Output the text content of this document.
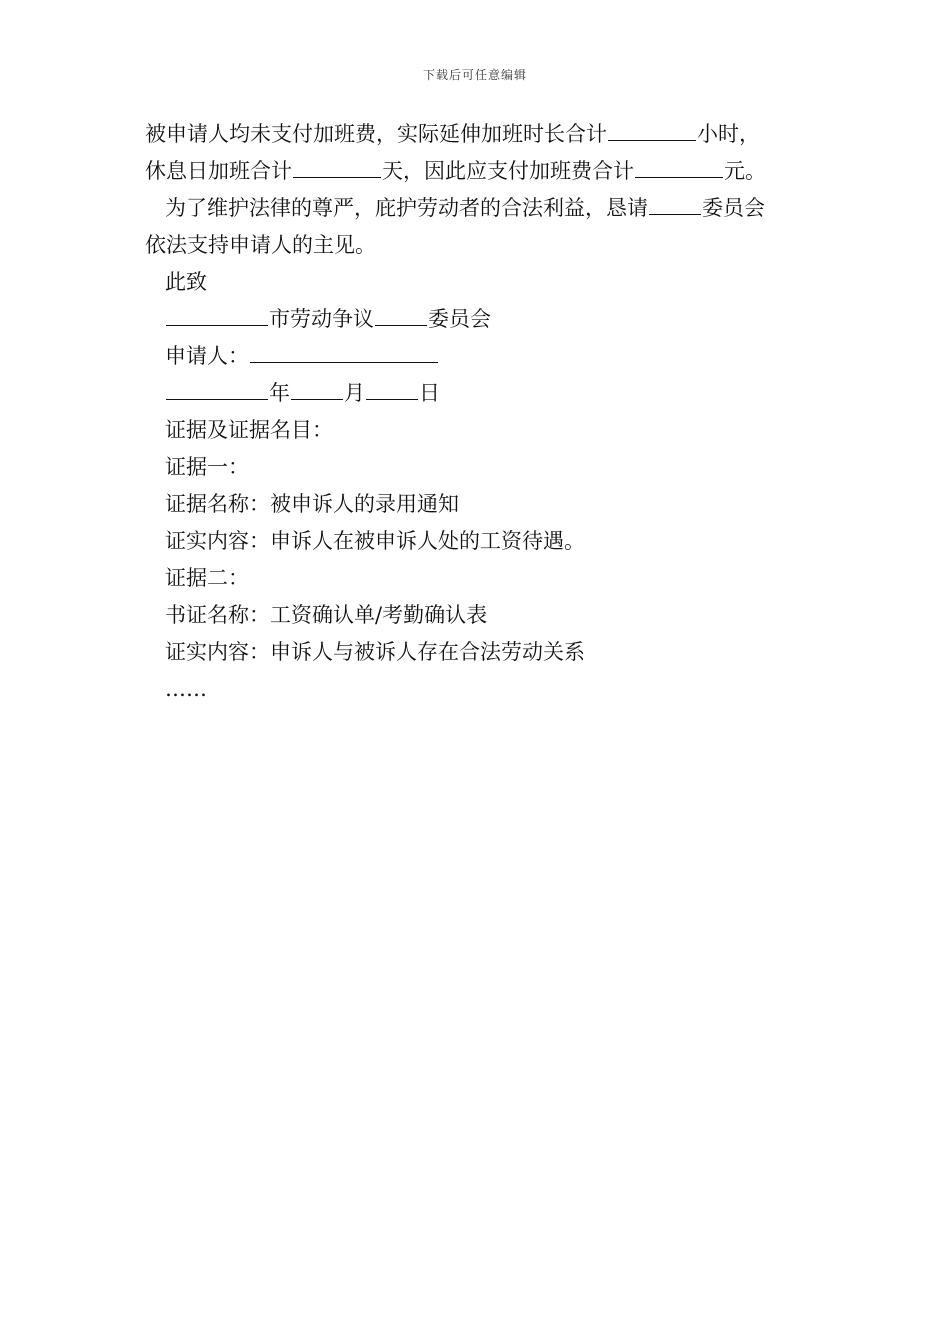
下载后可任意编辑
被申请人均未支付加班费，实际延伸加班时长合计	小时，
休息日加班合计	天，因此应支付加班费合计	元。
为了维护法律的尊严，庇护劳动者的合法利益，恳请	委员会
依法支持申请人的主见。
此致
市劳动争议	委员会
申请人：
年	月	日
证据及证据名目：
证据一：
证据名称：被申诉人的录用通知
证实内容：申诉人在被申诉人处的工资待遇。
证据二：
书证名称：工资确认单/考勤确认表
证实内容：申诉人与被诉人存在合法劳动关系
……
